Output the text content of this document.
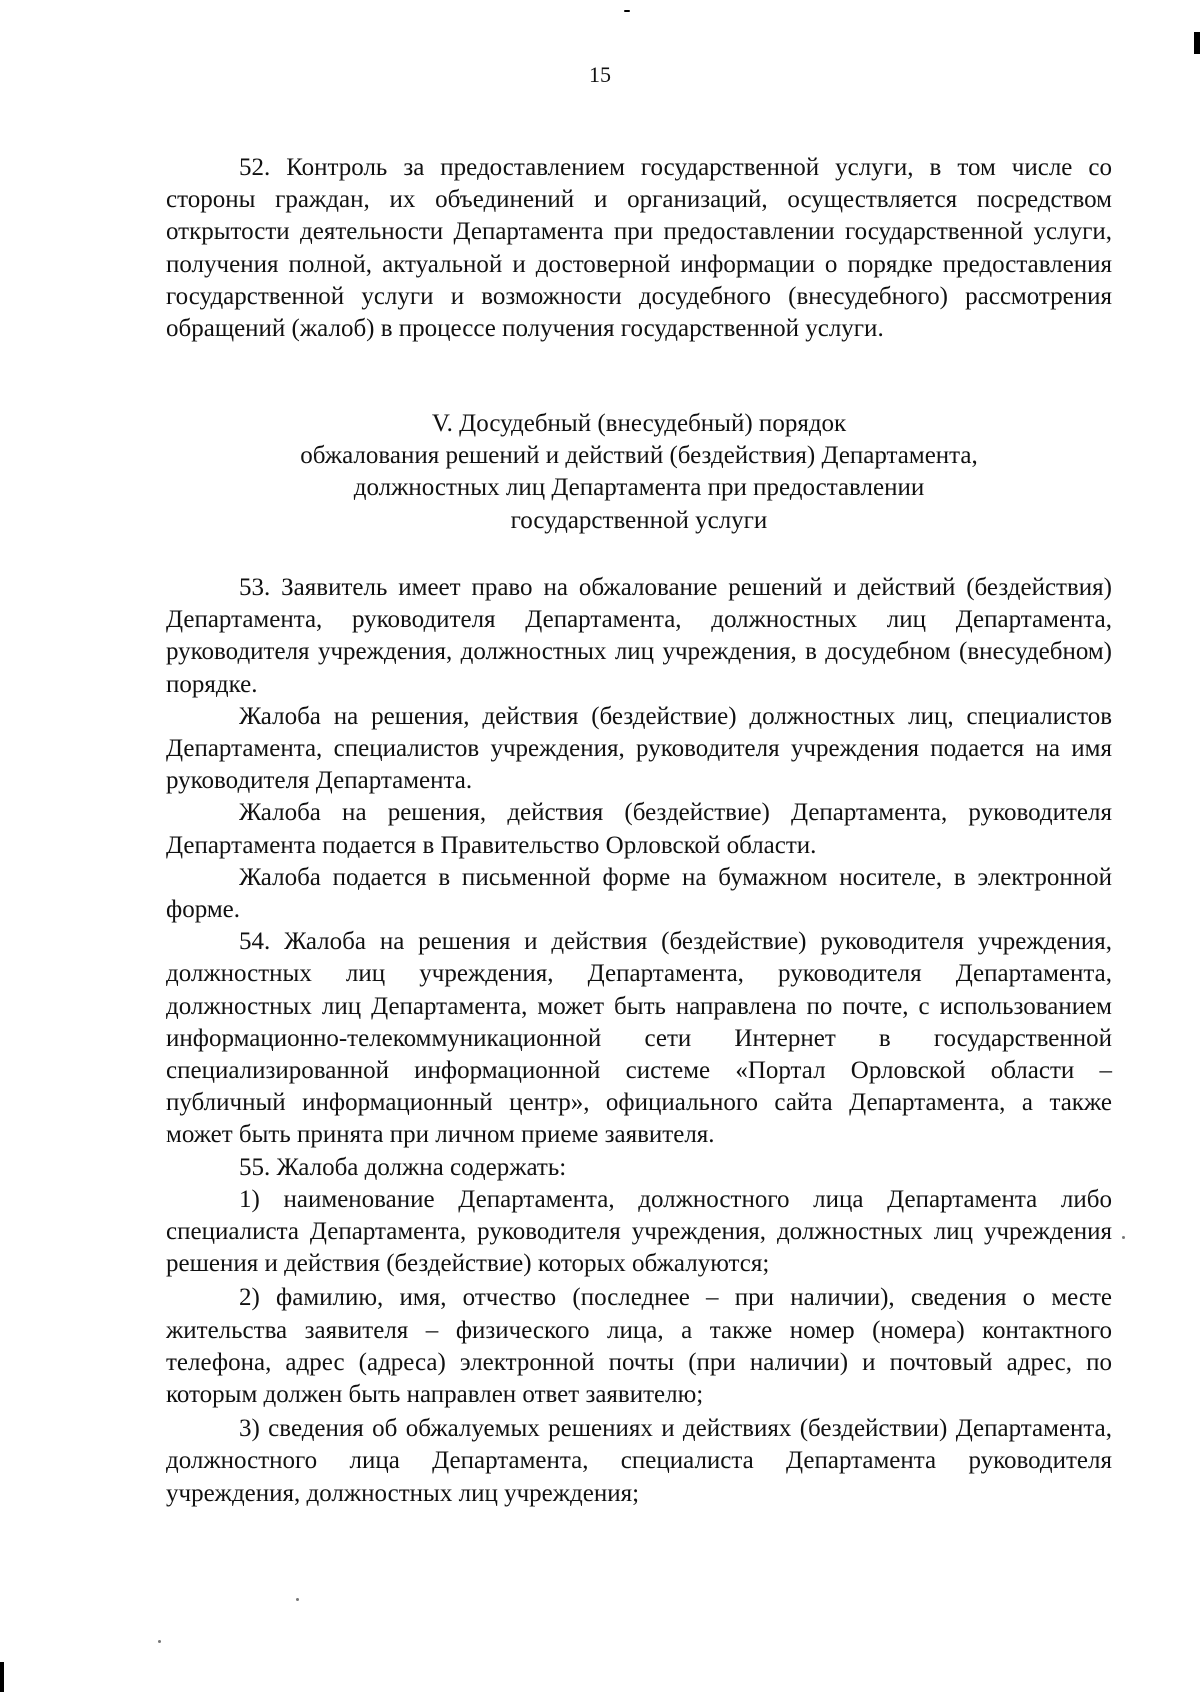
15

52. Контроль за предоставлением государственной услуги, в том числе со стороны граждан, их объединений и организаций, осуществляется посредством открытости деятельности Департамента при предоставлении государственной услуги, получения полной, актуальной и достоверной информации о порядке предоставления государственной услуги и возможности досудебного (внесудебного) рассмотрения обращений (жалоб) в процессе получения государственной услуги.

V. Досудебный (внесудебный) порядок
обжалования решений и действий (бездействия) Департамента,
должностных лиц Департамента при предоставлении
государственной услуги

53. Заявитель имеет право на обжалование решений и действий (бездействия) Департамента, руководителя Департамента, должностных лиц Департамента, руководителя учреждения, должностных лиц учреждения, в досудебном (внесудебном) порядке.

Жалоба на решения, действия (бездействие) должностных лиц, специалистов Департамента, специалистов учреждения, руководителя учреждения подается на имя руководителя Департамента.

Жалоба на решения, действия (бездействие) Департамента, руководителя Департамента подается в Правительство Орловской области.

Жалоба подается в письменной форме на бумажном носителе, в электронной форме.

54. Жалоба на решения и действия (бездействие) руководителя учреждения, должностных лиц учреждения, Департамента, руководителя Департамента, должностных лиц Департамента, может быть направлена по почте, с использованием информационно-телекоммуникационной сети Интернет в государственной специализированной информационной системе «Портал Орловской области – публичный информационный центр», официального сайта Департамента, а также может быть принята при личном приеме заявителя.

55. Жалоба должна содержать:

1) наименование Департамента, должностного лица Департамента либо специалиста Департамента, руководителя учреждения, должностных лиц учреждения решения и действия (бездействие) которых обжалуются;

2) фамилию, имя, отчество (последнее – при наличии), сведения о месте жительства заявителя – физического лица, а также номер (номера) контактного телефона, адрес (адреса) электронной почты (при наличии) и почтовый адрес, по которым должен быть направлен ответ заявителю;

3) сведения об обжалуемых решениях и действиях (бездействии) Департамента, должностного лица Департамента, специалиста Департамента руководителя учреждения, должностных лиц учреждения;
